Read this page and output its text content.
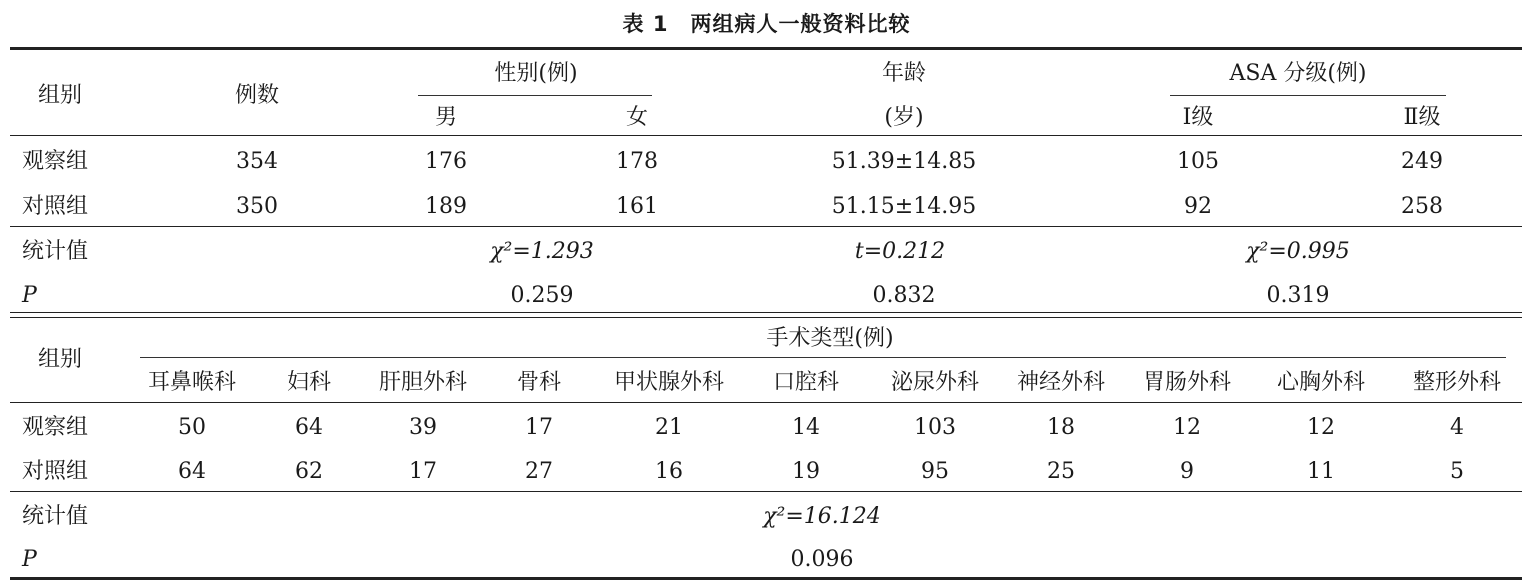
表 1　两组病人一般资料比较
组别	例数
性别(例)
男	女
年龄
(岁)
ASA 分级(例)
Ⅰ级	Ⅱ级
观察组	354	176	178	51.39±14.85	105	249
对照组	350	189	161	51.15±14.95	92	258
统计值	χ²=1.293	t=0.212	χ²=0.995
P	0.259	0.832	0.319
组别
手术类型(例)
耳鼻喉科 妇科 肝胆外科 骨科 甲状腺外科 口腔科 泌尿外科 神经外科 胃肠外科 心胸外科 整形外科
观察组	50	64	39	17	21	14	103	18	12	12	4
对照组	64	62	17	27	16	19	95	25	9	11	5
统计值	χ²=16.124
P	0.096
